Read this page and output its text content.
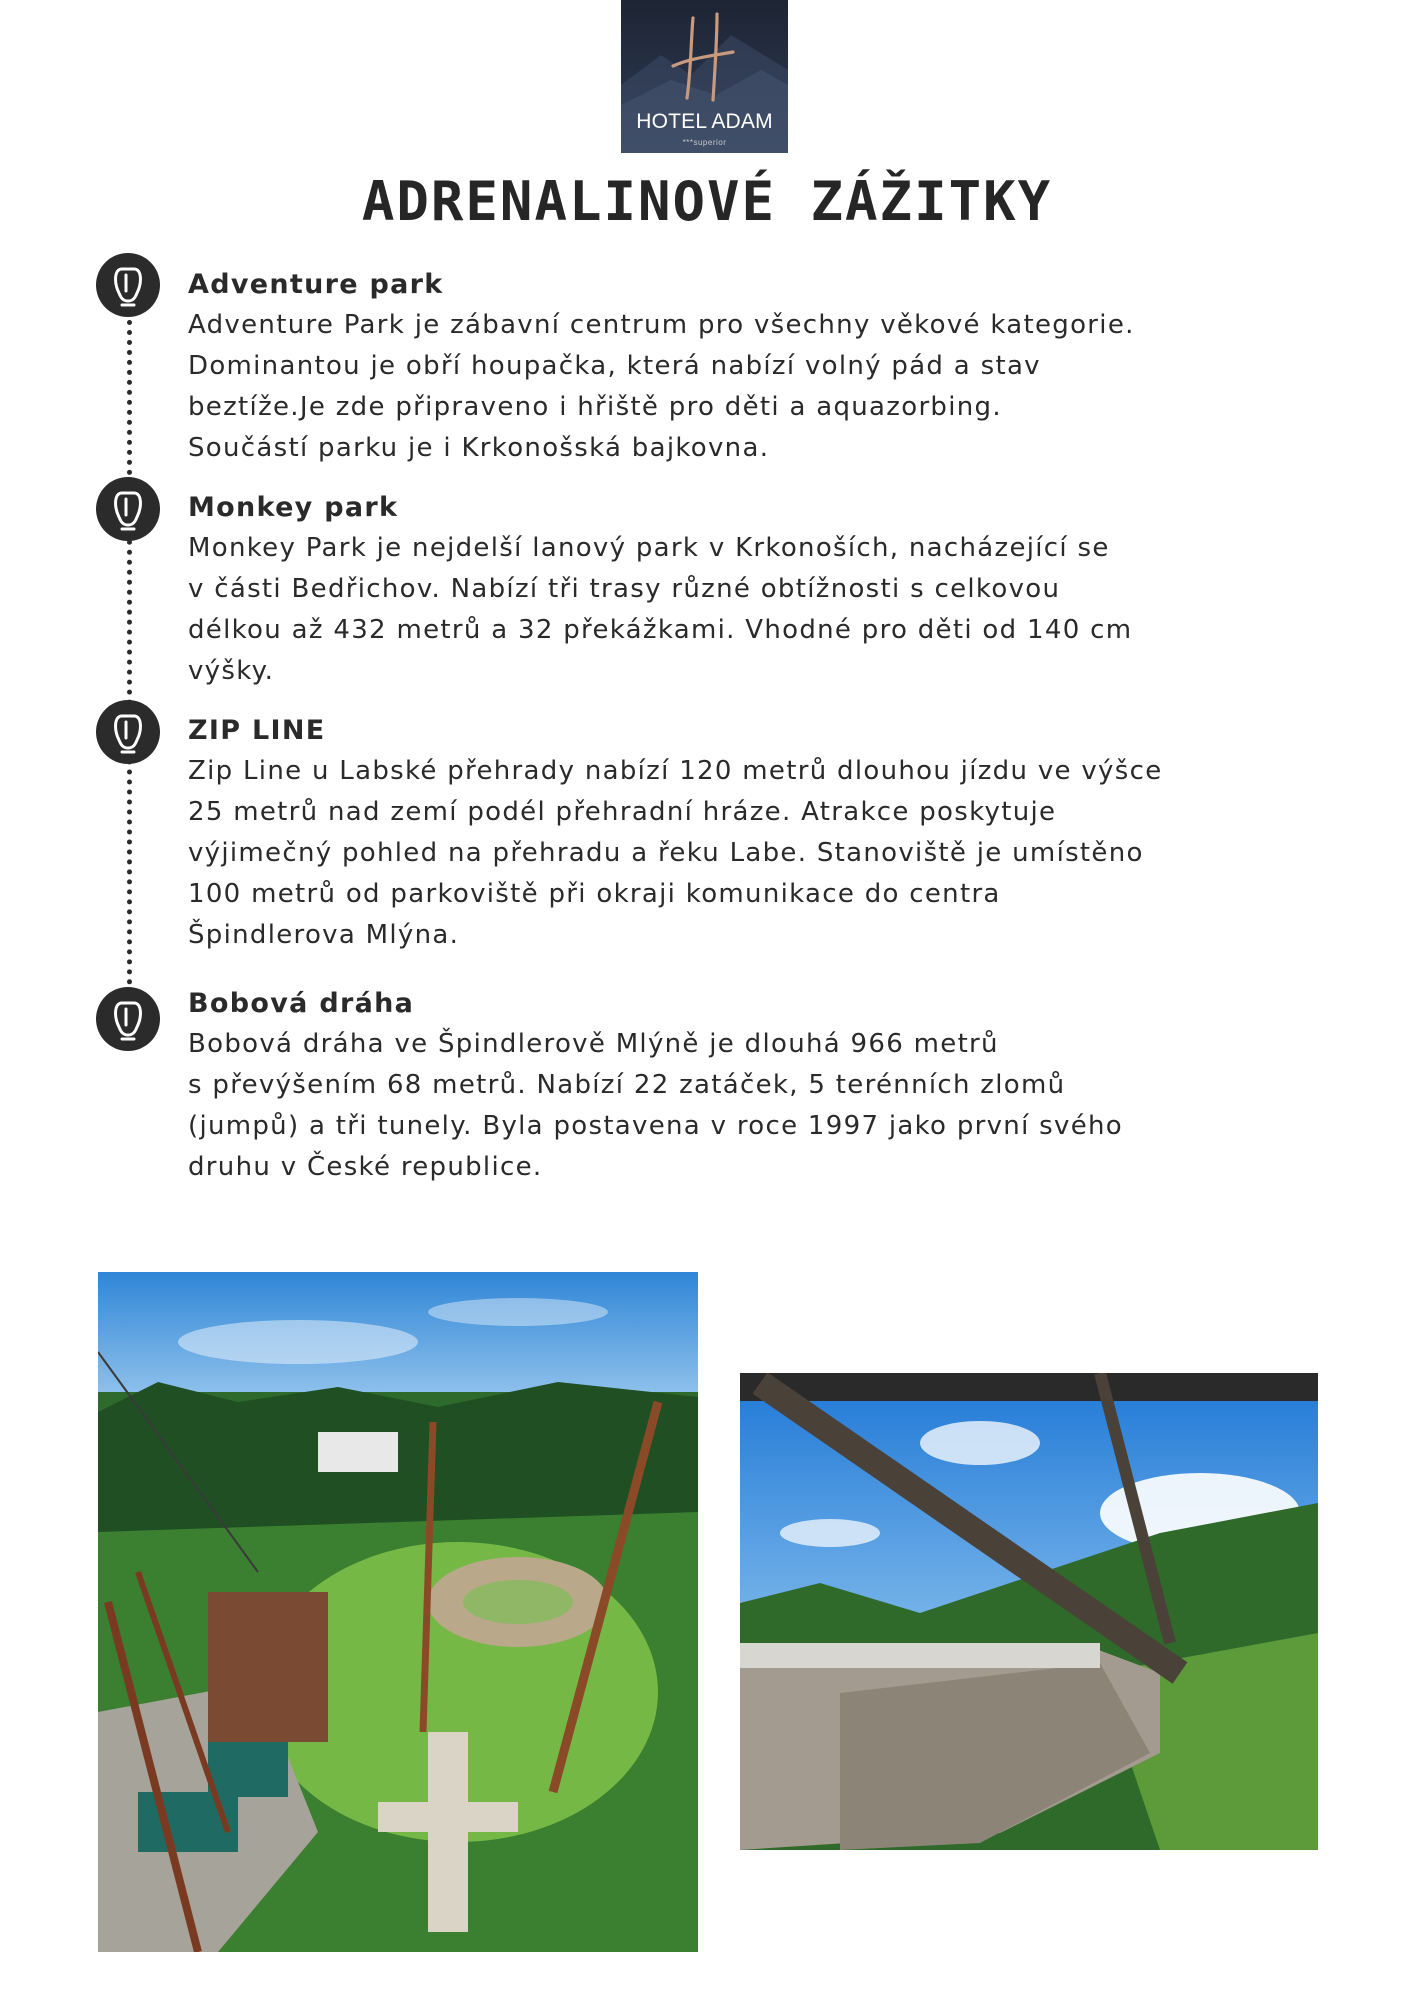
HOTEL ADAM
***superior
ADRENALINOVÉ ZÁŽITKY
Adventure park
Adventure Park je zábavní centrum pro všechny věkové kategorie.
Dominantou je obří houpačka, která nabízí volný pád a stav
beztíže.Je zde připraveno i hřiště pro děti a aquazorbing.
Součástí parku je i Krkonošská bajkovna.
Monkey park
Monkey Park je nejdelší lanový park v Krkonoších, nacházející se
v části Bedřichov. Nabízí tři trasy různé obtížnosti s celkovou
délkou až 432 metrů a 32 překážkami. Vhodné pro děti od 140 cm
výšky.
ZIP LINE
Zip Line u Labské přehrady nabízí 120 metrů dlouhou jízdu ve výšce
25 metrů nad zemí podél přehradní hráze. Atrakce poskytuje
výjimečný pohled na přehradu a řeku Labe. Stanoviště je umístěno
100 metrů od parkoviště při okraji komunikace do centra
Špindlerova Mlýna.
Bobová dráha
Bobová dráha ve Špindlerově Mlýně je dlouhá 966 metrů
s převýšením 68 metrů. Nabízí 22 zatáček, 5 terénních zlomů
(jumpů) a tři tunely. Byla postavena v roce 1997 jako první svého
druhu v České republice.
